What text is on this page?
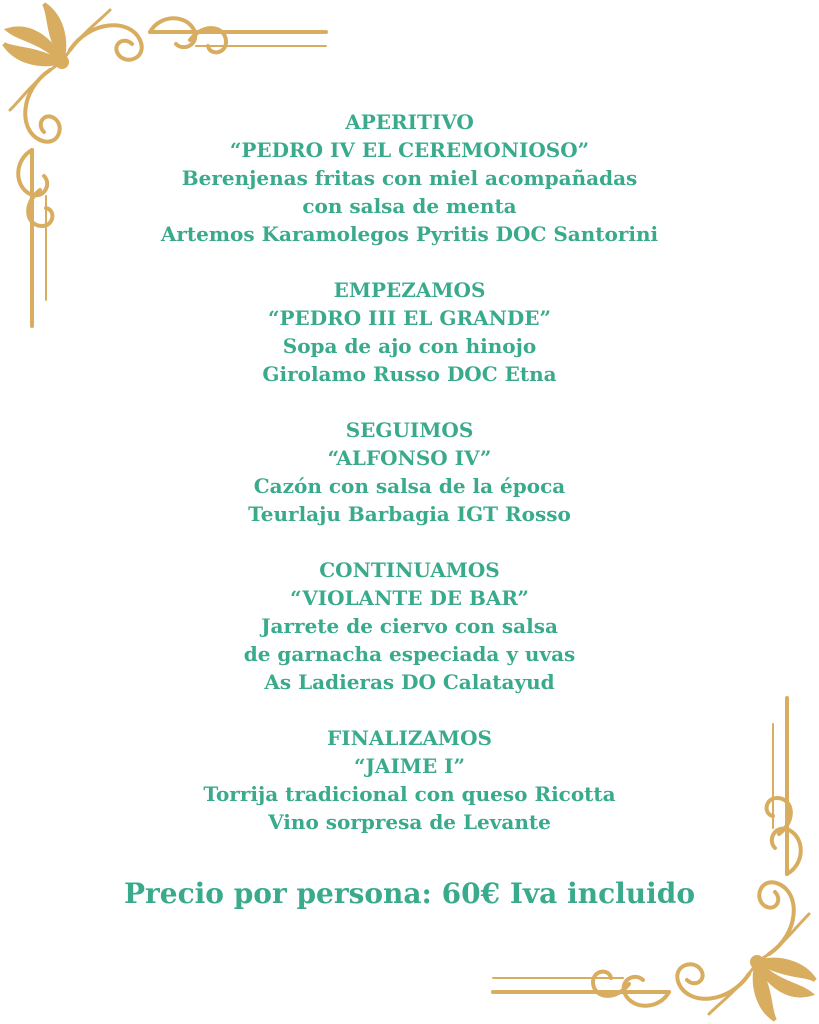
APERITIVO
“PEDRO IV EL CEREMONIOSO”
Berenjenas fritas con miel acompañadas
con salsa de menta
Artemos Karamolegos Pyritis DOC Santorini
EMPEZAMOS
“PEDRO III EL GRANDE”
Sopa de ajo con hinojo
Girolamo Russo DOC Etna
SEGUIMOS
“ALFONSO IV”
Cazón con salsa de la época
Teurlaju Barbagia IGT Rosso
CONTINUAMOS
“VIOLANTE DE BAR”
Jarrete de ciervo con salsa
de garnacha especiada y uvas
As Ladieras DO Calatayud
FINALIZAMOS
“JAIME I”
Torrija tradicional con queso Ricotta
Vino sorpresa de Levante
Precio por persona: 60€ Iva incluido
